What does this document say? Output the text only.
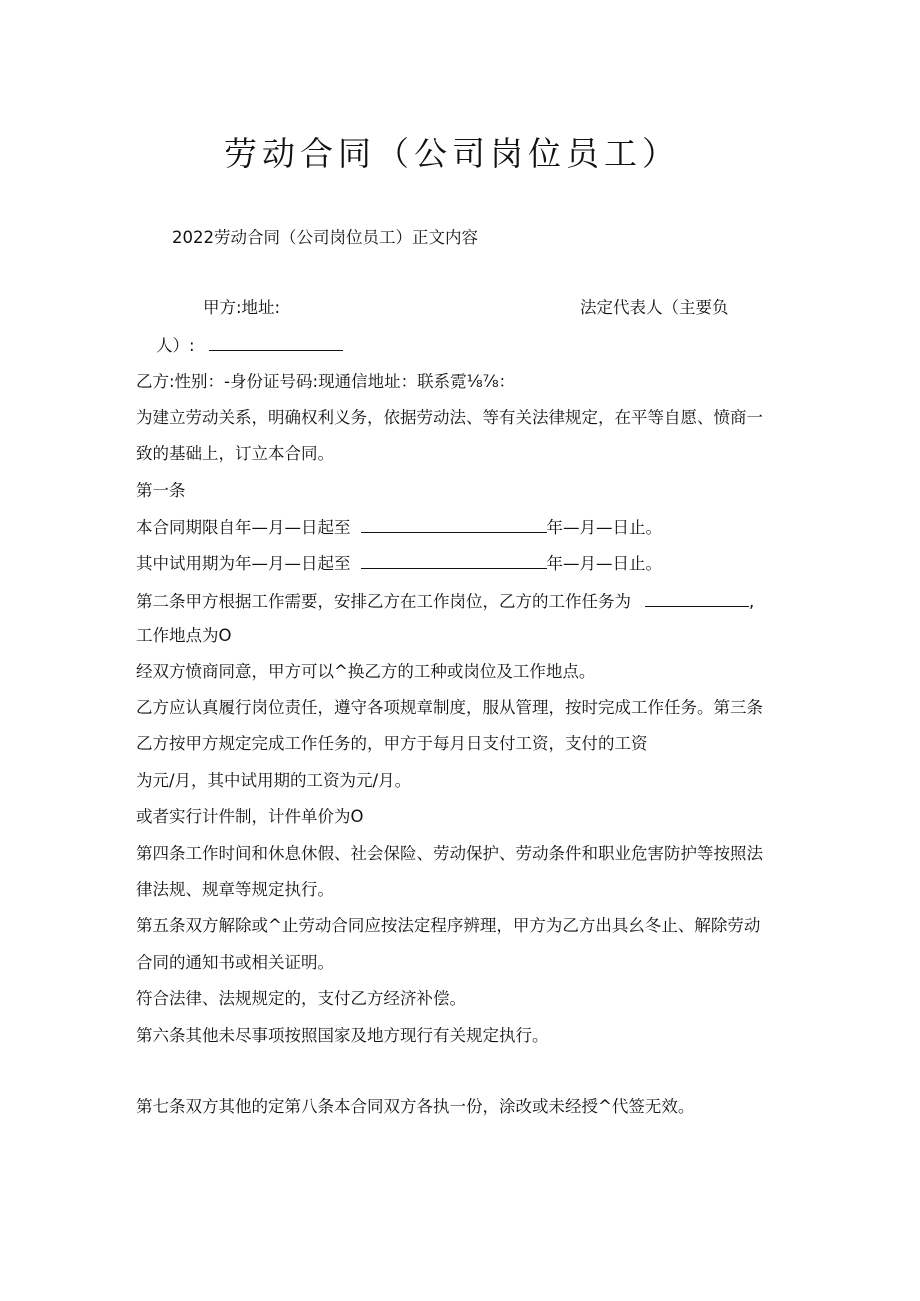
劳动合同（公司岗位员工）

2022劳动合同（公司岗位员工）正文内容

甲方:地址:	法定代表人（主要负

人）:

乙方:性别：-身份证号码:现通信地址：联系霓⅛⅞：

为建立劳动关系，明确权利义务，依据劳动法、等有关法律规定，在平等自愿、愤商一

致的基础上，订立本合同。

第一条

本合同期限自年—月—日起至	年—月—日止。

其中试用期为年—月—日起至	年—月—日止。

第二条甲方根据工作需要，安排乙方在工作岗位，乙方的工作任务为	,

工作地点为O

经双方愤商同意，甲方可以^换乙方的工种或岗位及工作地点。

乙方应认真履行岗位责任，遵守各项规章制度，服从管理，按时完成工作任务。第三条

乙方按甲方规定完成工作任务的，甲方于每月日支付工资，支付的工资

为元/月，其中试用期的工资为元/月。

或者实行计件制，计件单价为O

第四条工作时间和休息休假、社会保险、劳动保护、劳动条件和职业危害防护等按照法

律法规、规章等规定执行。

第五条双方解除或^止劳动合同应按法定程序辨理，甲方为乙方出具幺冬止、解除劳动

合同的通知书或相关证明。

符合法律、法规规定的，支付乙方经济补偿。

第六条其他未尽事项按照国家及地方现行有关规定执行。

第七条双方其他的定第八条本合同双方各执一份，涂改或未经授^代签无效。
